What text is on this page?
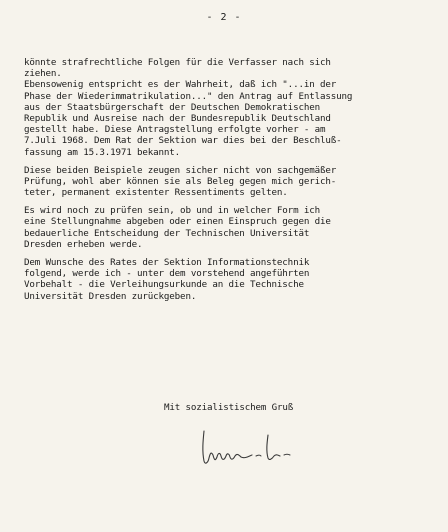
- 2 -
könnte strafrechtliche Folgen für die Verfasser nach sich
ziehen.
Ebensowenig entspricht es der Wahrheit, daß ich "...in der
Phase der Wiederimmatrikulation..." den Antrag auf Entlassung
aus der Staatsbürgerschaft der Deutschen Demokratischen
Republik und Ausreise nach der Bundesrepublik Deutschland
gestellt habe. Diese Antragstellung erfolgte vorher - am
7.Juli 1968. Dem Rat der Sektion war dies bei der Beschluß-
fassung am 15.3.1971 bekannt.
Diese beiden Beispiele zeugen sicher nicht von sachgemäßer
Prüfung, wohl aber können sie als Beleg gegen mich gerich-
teter, permanent existenter Ressentiments gelten.
Es wird noch zu prüfen sein, ob und in welcher Form ich
eine Stellungnahme abgeben oder einen Einspruch gegen die
bedauerliche Entscheidung der Technischen Universität
Dresden erheben werde.
Dem Wunsche des Rates der Sektion Informationstechnik
folgend, werde ich - unter dem vorstehend angeführten
Vorbehalt - die Verleihungsurkunde an die Technische
Universität Dresden zurückgeben.
Mit sozialistischem Gruß
